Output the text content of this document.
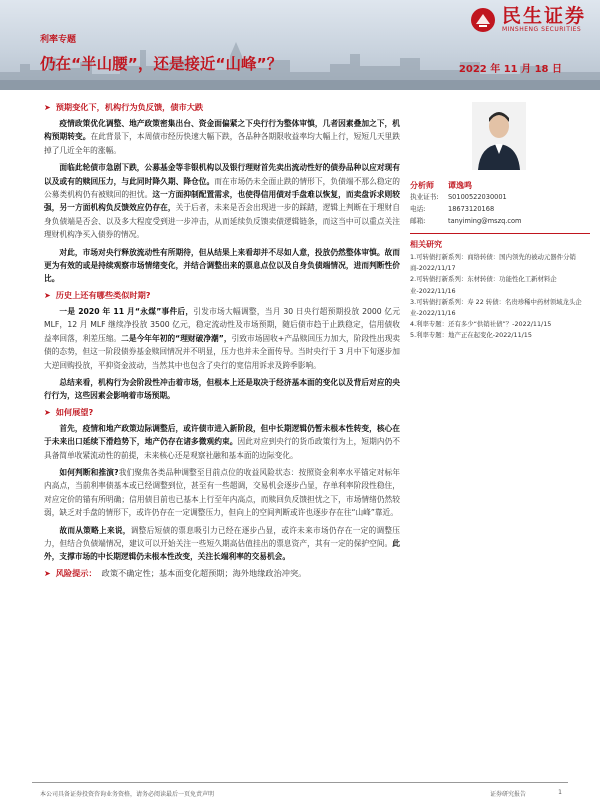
民生证券
MINSHENG SECURITIES
利率专题
仍在“半山腰”，还是接近“山峰”？	2022 年 11 月 18 日
➤ 预期变化下，机构行为负反馈，债市大跌

疫情政策优化调整、地产政策密集出台、资金面偏紧之下央行行为整体审慎，几者因素叠加之下，机构预期转变。在此背景下，本周债市经历快速大幅下跌，各品种各期限收益率均大幅上行，短短几天里跌掉了几近全年的涨幅。

面临此轮债市急剧下跌，公募基金等非银机构以及银行理财首先卖出流动性好的债券品种以应对现有以及或有的赎回压力，与此同时降久期、降仓位。而在市场仍未全面止跌的情形下，负债端不那么稳定的公募类机构仍有被赎回的担忧。这一方面抑制配置需求，也使得信用债对手盘难以恢复，而卖盘诉求则较强，另一方面机构负反馈效应仍存在，关于后者，未来是否会出现进一步的踩踏，逻辑上判断在于理财自身负债端是否会、以及多大程度受到进一步冲击，从而延续负反馈卖债逻辑链条，而这当中可以重点关注理财机构净买入债券的情况。

对此，市场对央行释放流动性有所期待，但从结果上来看却并不尽如人意，投放仍然整体审慎。故而更为有效的或是持续观察市场情绪变化，并结合调整出来的票息点位以及自身负债端情况，进而判断性价比。

➤ 历史上还有哪些类似时期?

一是 2020 年 11 月“永煤”事件后，引发市场大幅调整，当月 30 日央行超预期投放 2000 亿元 MLF，12 月 MLF 继续净投放 3500 亿元，稳定流动性及市场预期，随后债市趋于止跌稳定，信用债收益率回落，利差压缩。二是今年年初的“理财破净潮”，引致市场固收+产品赎回压力加大，阶段性出现卖债的态势，但这一阶段债券基金赎回情况并不明显，压力也并未全面传导。当时央行于 3 月中下旬逐步加大逆回购投放，平抑资金波动，当然其中也包含了央行的宽信用诉求及跨季影响。

总结来看，机构行为会阶段性冲击着市场，但根本上还是取决于经济基本面的变化以及背后对应的央行行为，这些因素会影响着市场预期。

➤ 如何展望?

首先，疫情和地产政策边际调整后，或许债市进入新阶段，但中长期逻辑仍暂未根本性转变，核心在于未来出口延续下滑趋势下，地产仍存在诸多微观约束。因此对应到央行的货币政策行为上，短期内仍不具备简单收紧流动性的前提，未来核心还是观察社融和基本面的边际变化。

如何判断和推演?我们聚焦各类品种调整至目前点位的收益风险状态：按照资金利率水平锚定对标年内高点，当前利率债基本或已经调整到位，甚至有一些超调，交易机会逐步凸显，存单利率阶段性稳住，对应定价的锚有所明确；信用债目前也已基本上行至年内高点，而赎回负反馈担忧之下，市场情绪仍然较弱，缺乏对手盘的情形下，或许仍存在一定调整压力，但向上的空间判断或许也逐步存在往“山峰”靠近。

故而从策略上来说，调整后短债的票息吸引力已经在逐步凸显，或许未来市场仍存在一定的调整压力，但结合负债端情况，建议可以开始关注一些短久期高估值挂出的票息资产，其有一定的保护空间。此外，支撑市场的中长期逻辑仍未根本性改变，关注长端利率的交易机会。

➤ 风险提示： 政策不确定性；基本面变化超预期；海外地缘政治冲突。
分析师 谭逸鸣
执业证书:	S0100522030001
电话:	18673120168
邮箱:	tanyiming@mszq.com
相关研究
1.可转债打新系列：商络转债：国内领先的被动元器件分销商-2022/11/17
2.可转债打新系列：东材转债：功能性化工新材料企业-2022/11/16
3.可转债打新系列：寿 22 转债：名贵珍稀中药材领域龙头企业-2022/11/16
4.利率专题：还有多少“供销社债”？-2022/11/15
5.利率专题：地产正在起变化-2022/11/15
本公司具备证券投资咨询业务资格，请务必阅读最后一页免责声明	证券研究报告	1
